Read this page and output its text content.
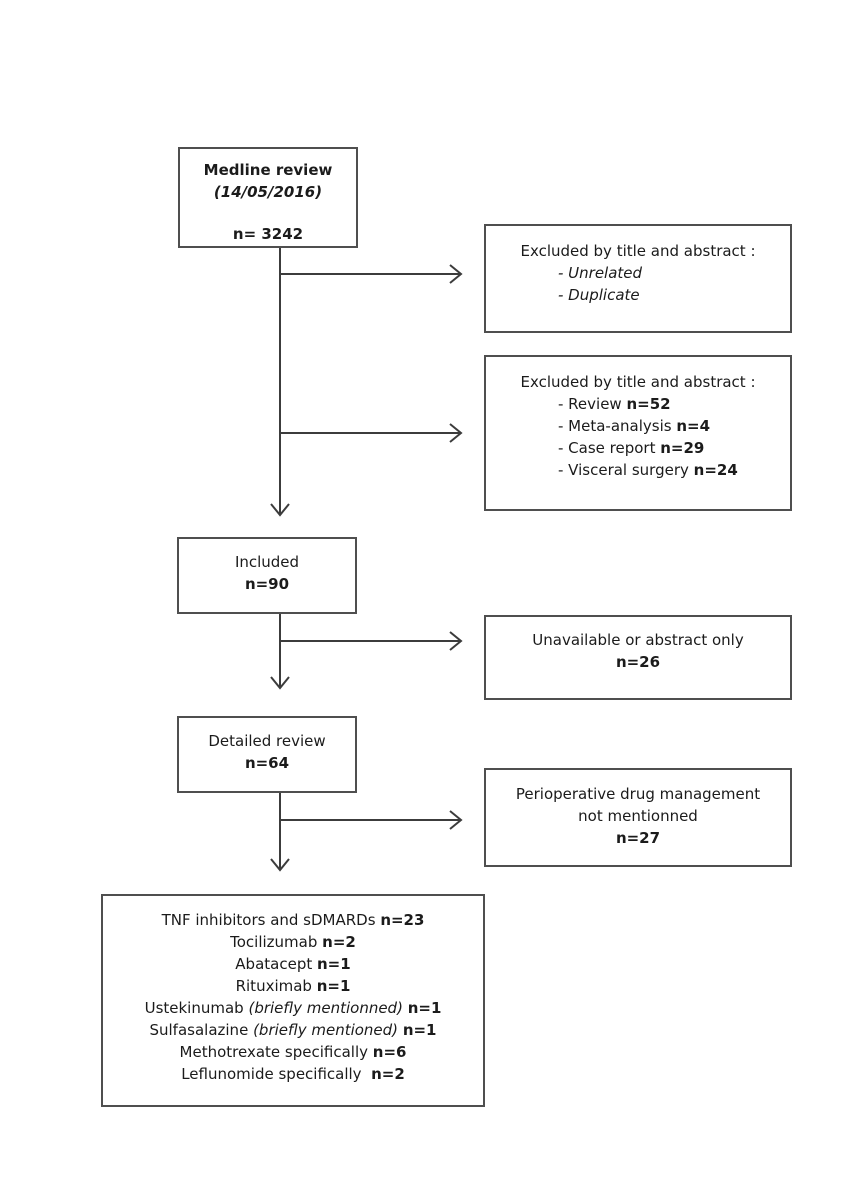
Medline review
(14/05/2016)
n= 3242
Excluded by title and abstract :
- Unrelated
- Duplicate
Excluded by title and abstract :
- Review n=52
- Meta-analysis n=4
- Case report n=29
- Visceral surgery n=24
Included
n=90
Unavailable or abstract only
n=26
Detailed review
n=64
Perioperative drug management
not mentionned
n=27
TNF inhibitors and sDMARDs n=23
Tocilizumab n=2
Abatacept n=1
Rituximab n=1
Ustekinumab (briefly mentionned) n=1
Sulfasalazine (briefly mentioned) n=1
Methotrexate specifically n=6
Leflunomide specifically  n=2
